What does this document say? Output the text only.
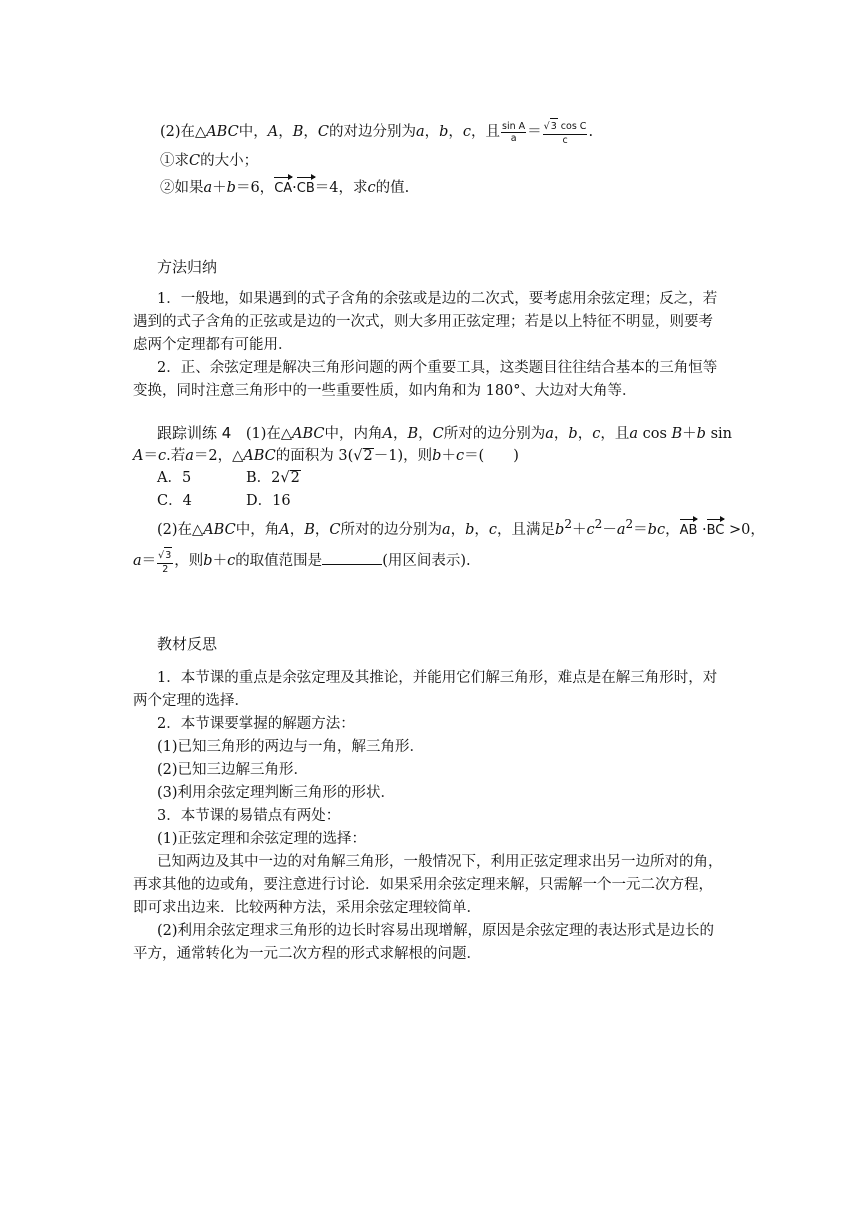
(2)在△ABC中，A，B，C的对边分别为a，b，c，且 $\frac{\text{sin A}}{a} = \frac{\text{√3 cos C}}{c}$ .
①求C的大小；
②如果a＋b＝6，CA·CB＝4，求c的值.
方法归纳
1．一般地，如果遇到的式子含角的余弦或是边的二次式，要考虑用余弦定理；反之，若
遇到的式子含角的正弦或是边的一次式，则大多用正弦定理；若是以上特征不明显，则要考
虑两个定理都有可能用．
2．正、余弦定理是解决三角形问题的两个重要工具，这类题目往往结合基本的三角恒等
变换，同时注意三角形中的一些重要性质，如内角和为 180°、大边对大角等．
跟踪训练 4　 (1)在△ABC中，内角A，B，C所对的边分别为a，b，c，且a cos B＋b sin
A＝c.若a＝2，△ABC的面积为 3(√2－1)，则b＋c＝(　　)
A．5	B．2√2
C．4	D．16
(2)在△ABC中，角A，B，C所对的边分别为a，b，c，且满足$b^2+c^2-a^2=bc$，AB ·BC >0，
$a= \frac{√3}{2}$ ，则b＋c的取值范围是	(用区间表示).
教材反思
1．本节课的重点是余弦定理及其推论，并能用它们解三角形，难点是在解三角形时，对
两个定理的选择．
2．本节课要掌握的解题方法：
(1)已知三角形的两边与一角，解三角形．
(2)已知三边解三角形．
(3)利用余弦定理判断三角形的形状．
3．本节课的易错点有两处：
(1)正弦定理和余弦定理的选择：
已知两边及其中一边的对角解三角形，一般情况下，利用正弦定理求出另一边所对的角，
再求其他的边或角，要注意进行讨论．如果采用余弦定理来解，只需解一个一元二次方程，
即可求出边来．比较两种方法，采用余弦定理较简单．
(2)利用余弦定理求三角形的边长时容易出现增解，原因是余弦定理的表达形式是边长的
平方，通常转化为一元二次方程的形式求解根的问题．
